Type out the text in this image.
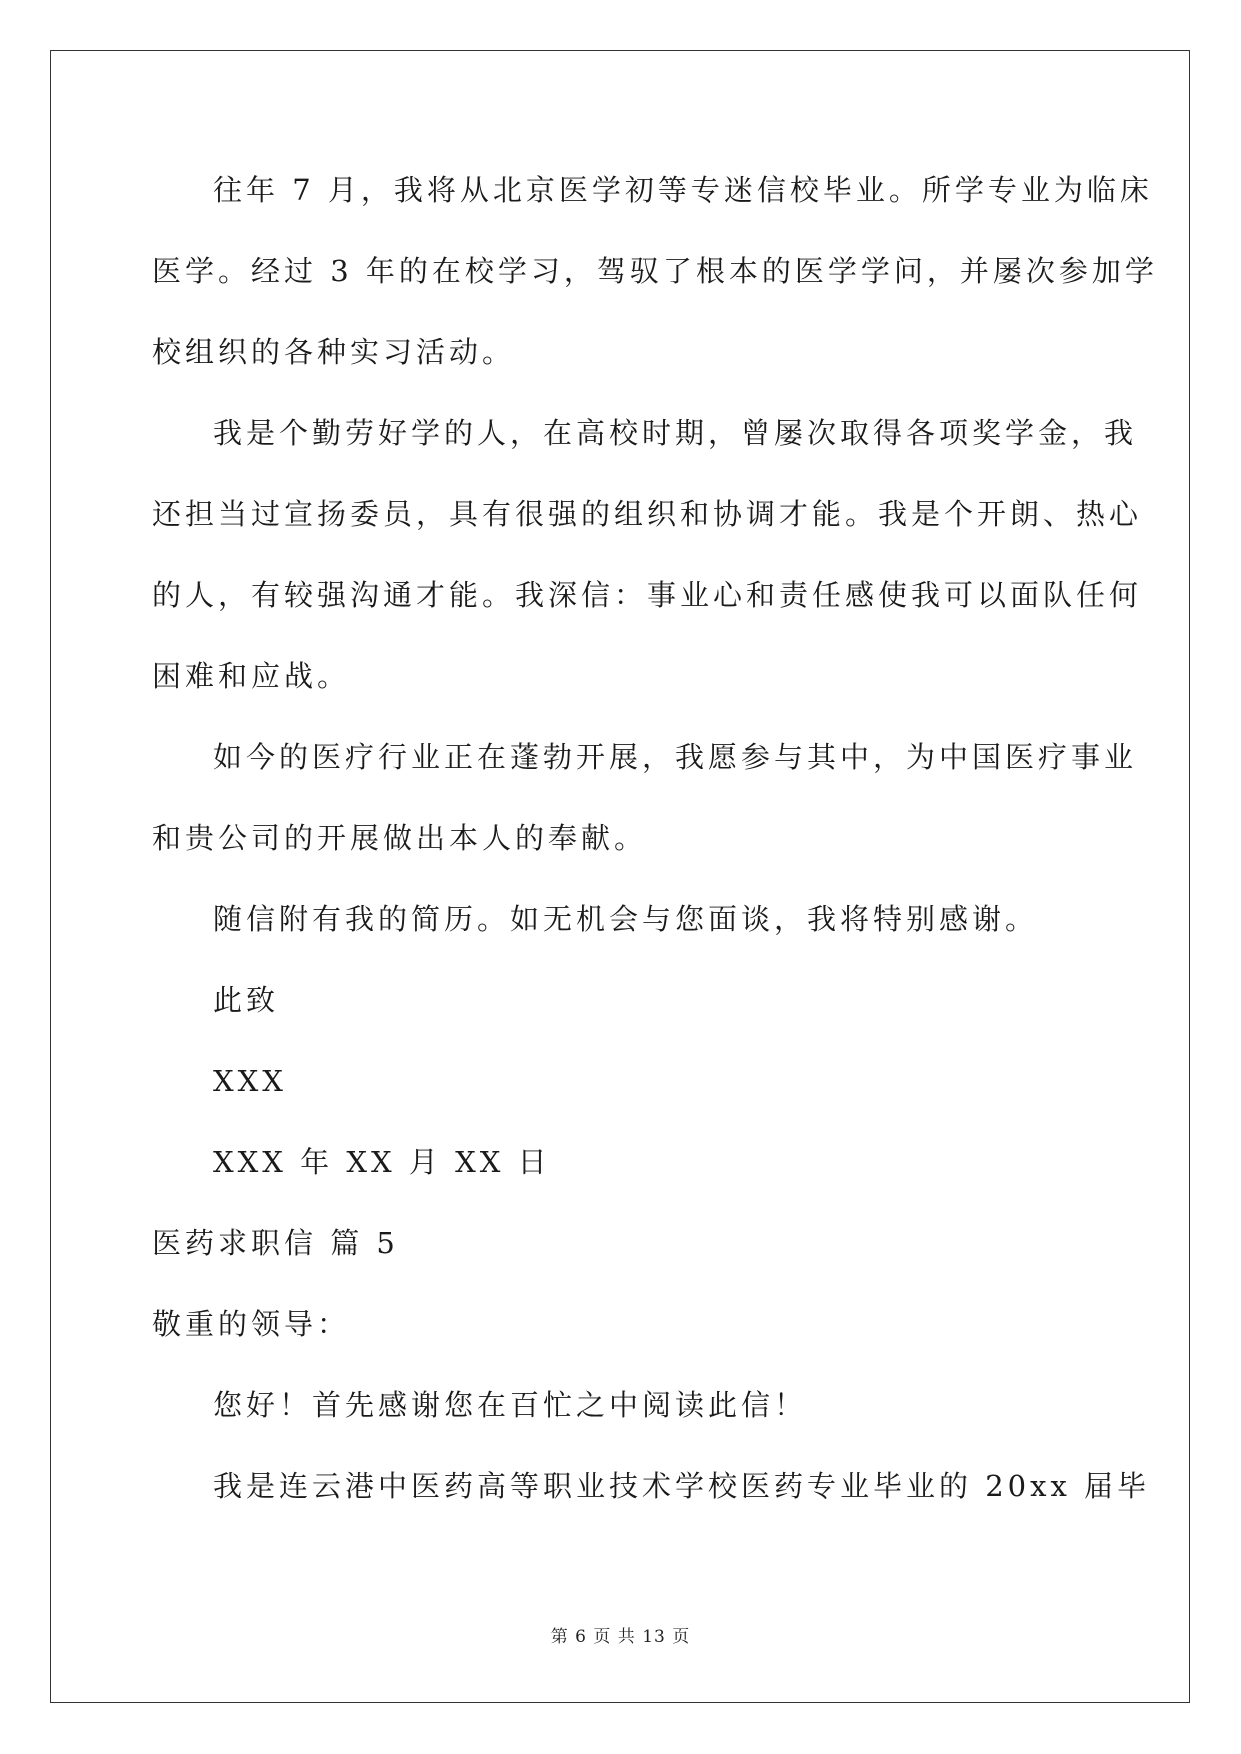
往年 7 月，我将从北京医学初等专迷信校毕业。所学专业为临床
医学。经过 3 年的在校学习，驾驭了根本的医学学问，并屡次参加学
校组织的各种实习活动。
我是个勤劳好学的人，在高校时期，曾屡次取得各项奖学金，我
还担当过宣扬委员，具有很强的组织和协调才能。我是个开朗、热心
的人，有较强沟通才能。我深信：事业心和责任感使我可以面队任何
困难和应战。
如今的医疗行业正在蓬勃开展，我愿参与其中，为中国医疗事业
和贵公司的开展做出本人的奉献。
随信附有我的简历。如无机会与您面谈，我将特别感谢。
此致
XXX
XXX 年 XX 月 XX 日
医药求职信 篇 5
敬重的领导：
您好！首先感谢您在百忙之中阅读此信！
我是连云港中医药高等职业技术学校医药专业毕业的 20xx 届毕
第 6 页 共 13 页
